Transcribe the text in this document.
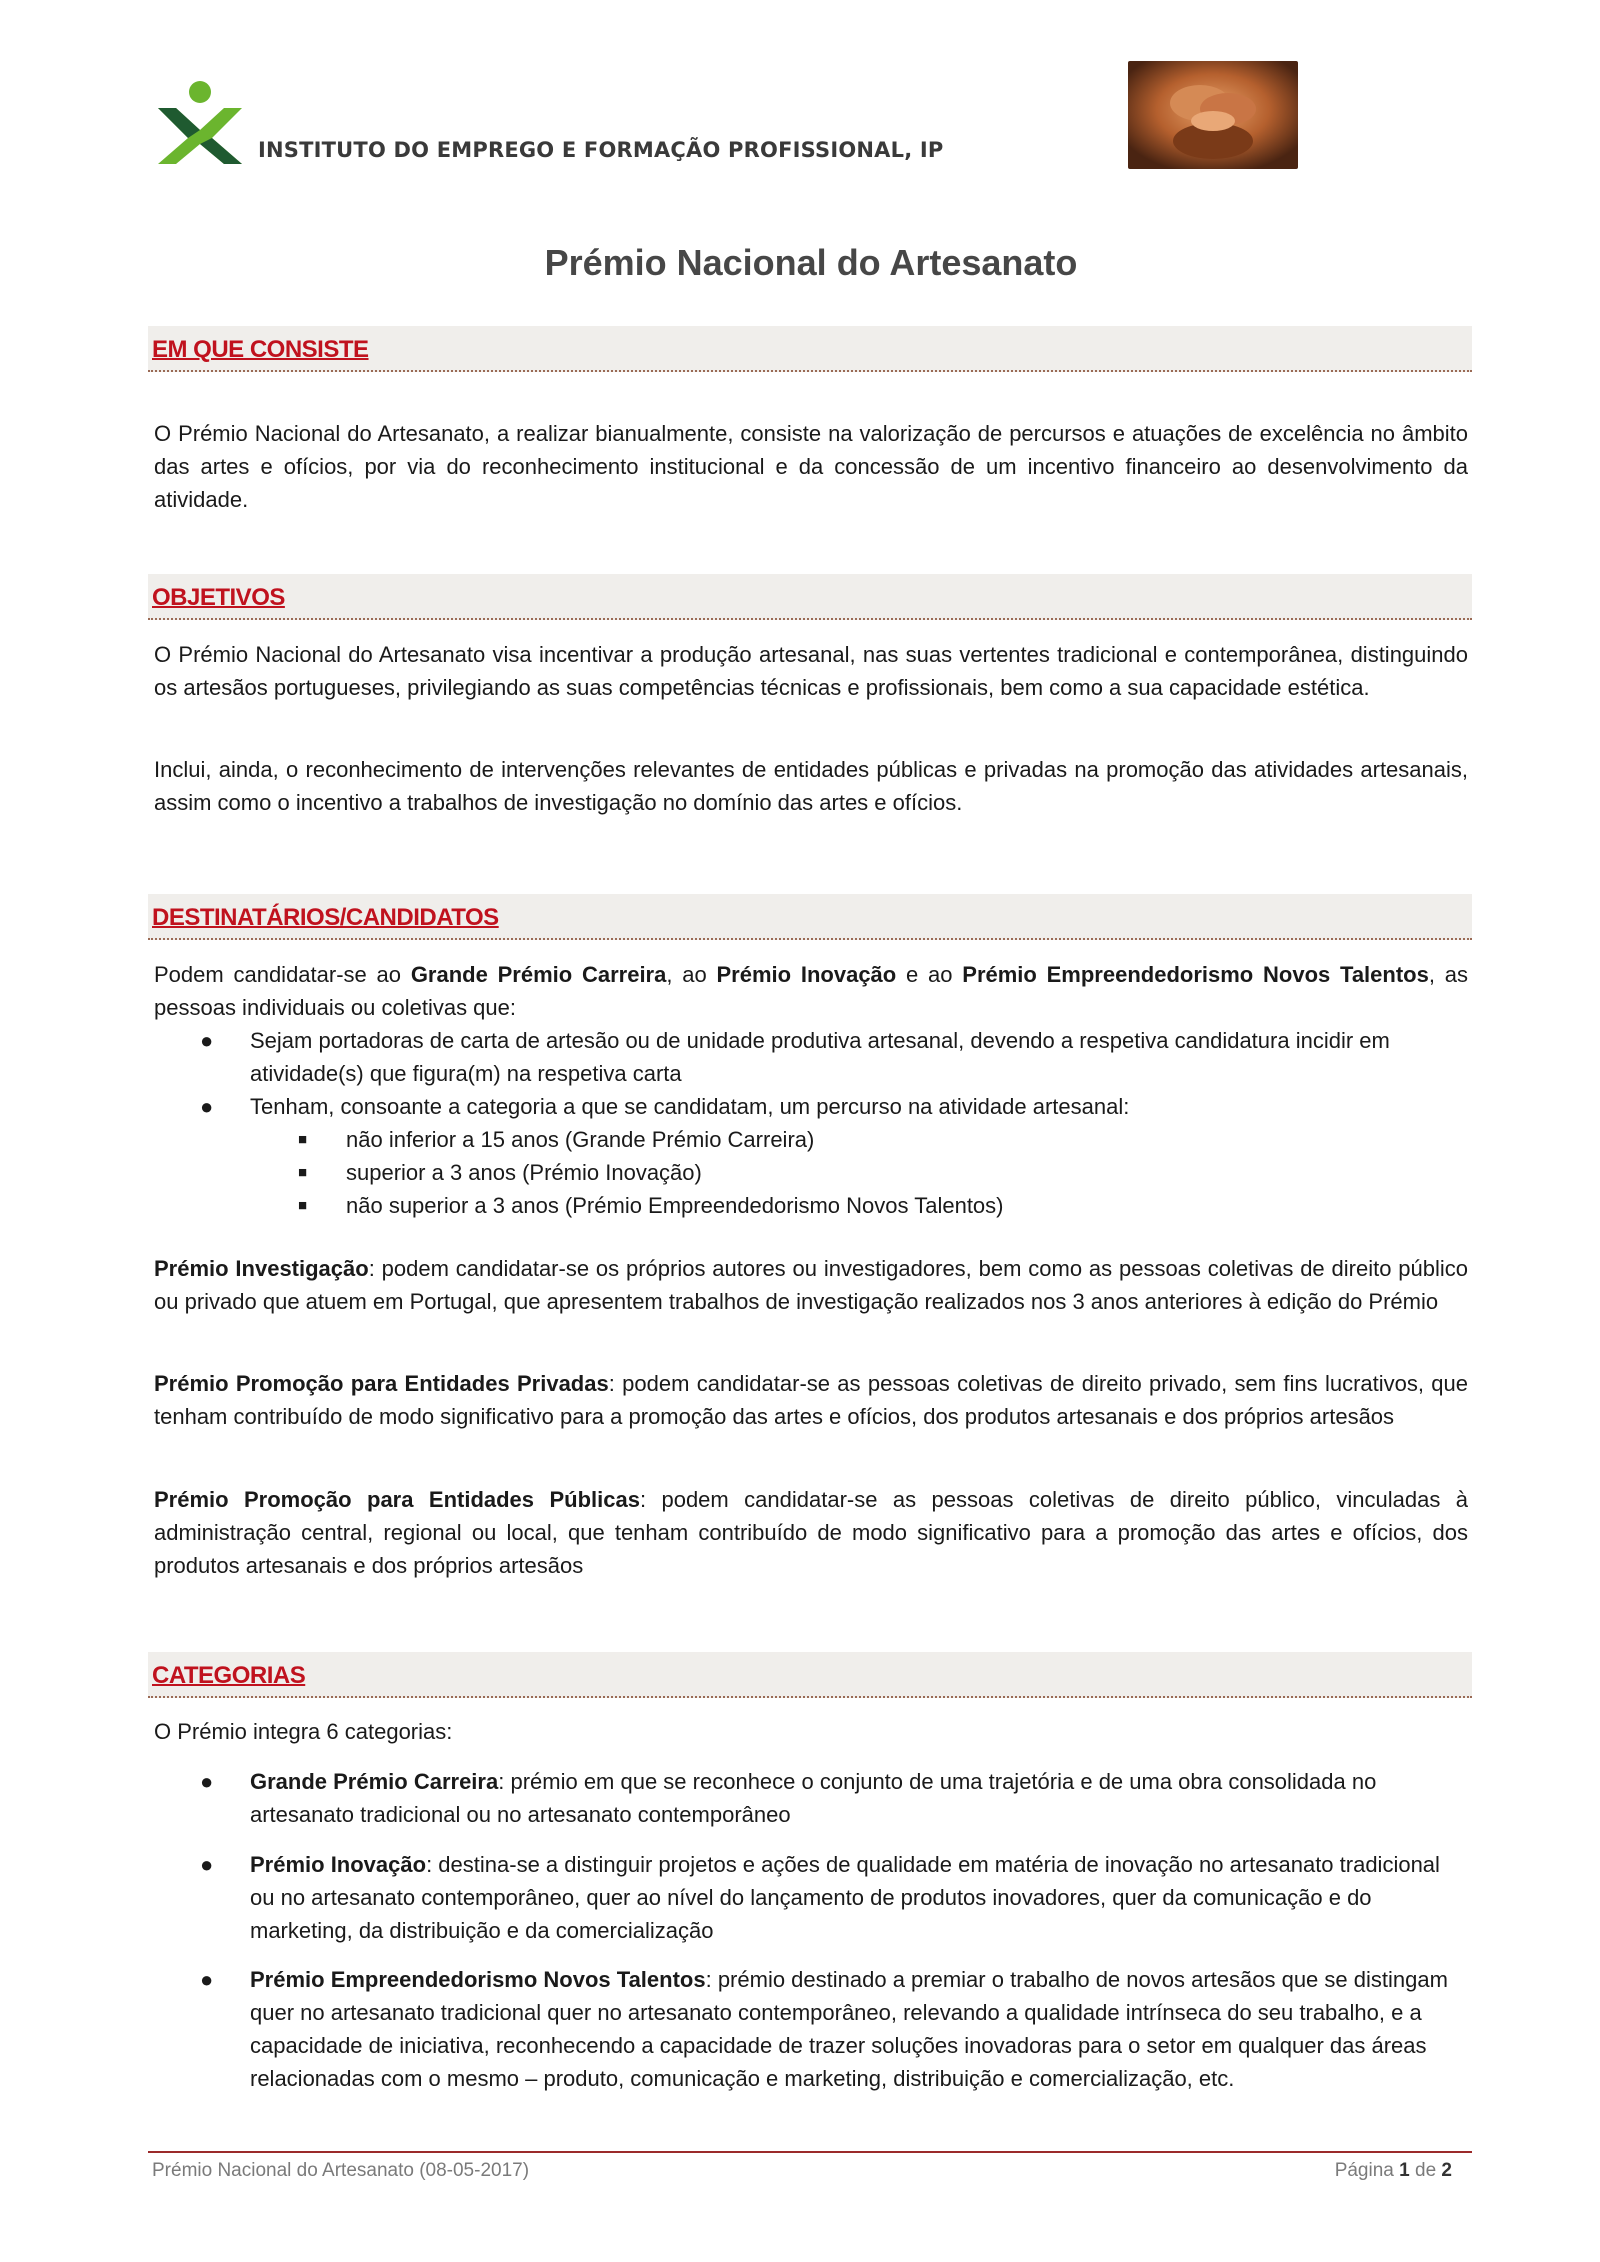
INSTITUTO DO EMPREGO E FORMAÇÃO PROFISSIONAL, IP
Prémio Nacional do Artesanato
EM QUE CONSISTE
O Prémio Nacional do Artesanato, a realizar bianualmente, consiste na valorização de percursos e atuações de excelência no âmbito das artes e ofícios, por via do reconhecimento institucional e da concessão de um incentivo financeiro ao desenvolvimento da atividade.
OBJETIVOS
O Prémio Nacional do Artesanato visa incentivar a produção artesanal, nas suas vertentes tradicional e contemporânea, distinguindo os artesãos portugueses, privilegiando as suas competências técnicas e profissionais, bem como a sua capacidade estética.
Inclui, ainda, o reconhecimento de intervenções relevantes de entidades públicas e privadas na promoção das atividades artesanais, assim como o incentivo a trabalhos de investigação no domínio das artes e ofícios.
DESTINATÁRIOS/CANDIDATOS
Podem candidatar-se ao Grande Prémio Carreira, ao Prémio Inovação e ao Prémio Empreendedorismo Novos Talentos, as pessoas individuais ou coletivas que:
●	Sejam portadoras de carta de artesão ou de unidade produtiva artesanal, devendo a respetiva candidatura incidir em atividade(s) que figura(m) na respetiva carta
●	Tenham, consoante a categoria a que se candidatam, um percurso na atividade artesanal:
■ não inferior a 15 anos (Grande Prémio Carreira)
■ superior a 3 anos (Prémio Inovação)
■ não superior a 3 anos (Prémio Empreendedorismo Novos Talentos)
Prémio Investigação: podem candidatar-se os próprios autores ou investigadores, bem como as pessoas coletivas de direito público ou privado que atuem em Portugal, que apresentem trabalhos de investigação realizados nos 3 anos anteriores à edição do Prémio
Prémio Promoção para Entidades Privadas: podem candidatar-se as pessoas coletivas de direito privado, sem fins lucrativos, que tenham contribuído de modo significativo para a promoção das artes e ofícios, dos produtos artesanais e dos próprios artesãos
Prémio Promoção para Entidades Públicas: podem candidatar-se as pessoas coletivas de direito público, vinculadas à administração central, regional ou local, que tenham contribuído de modo significativo para a promoção das artes e ofícios, dos produtos artesanais e dos próprios artesãos
CATEGORIAS
O Prémio integra 6 categorias:
●	Grande Prémio Carreira: prémio em que se reconhece o conjunto de uma trajetória e de uma obra consolidada no artesanato tradicional ou no artesanato contemporâneo
●	Prémio Inovação: destina-se a distinguir projetos e ações de qualidade em matéria de inovação no artesanato tradicional ou no artesanato contemporâneo, quer ao nível do lançamento de produtos inovadores, quer da comunicação e do marketing, da distribuição e da comercialização
●	Prémio Empreendedorismo Novos Talentos: prémio destinado a premiar o trabalho de novos artesãos que se distingam quer no artesanato tradicional quer no artesanato contemporâneo, relevando a qualidade intrínseca do seu trabalho, e a capacidade de iniciativa, reconhecendo a capacidade de trazer soluções inovadoras para o setor em qualquer das áreas relacionadas com o mesmo – produto, comunicação e marketing, distribuição e comercialização, etc.
Prémio Nacional do Artesanato (08-05-2017)	Página 1 de 2
